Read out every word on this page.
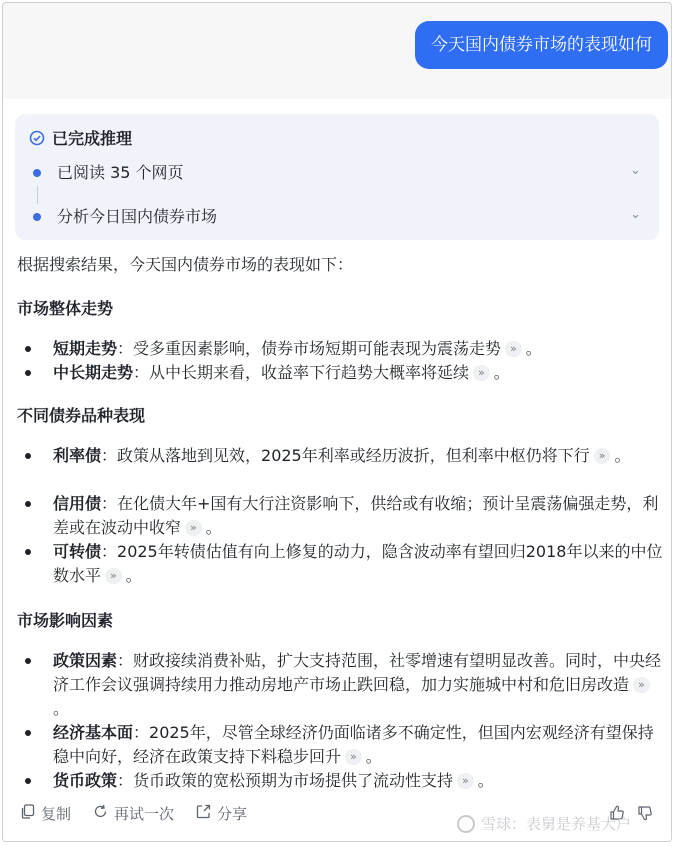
今天国内债券市场的表现如何
已完成推理
已阅读 35 个网页	⌄
分析今日国内债券市场	⌄
根据搜索结果，今天国内债券市场的表现如下：
市场整体走势
短期走势：受多重因素影响，债券市场短期可能表现为震荡走势 » 。
中长期走势：从中长期来看，收益率下行趋势大概率将延续 » 。
不同债券品种表现
利率债：政策从落地到见效，2025年利率或经历波折，但利率中枢仍将下行 » 。
信用债：在化债大年+国有大行注资影响下，供给或有收缩；预计呈震荡偏强走势，利差或在波动中收窄 » 。
可转债：2025年转债估值有向上修复的动力，隐含波动率有望回归2018年以来的中位数水平 » 。
市场影响因素
政策因素：财政接续消费补贴，扩大支持范围，社零增速有望明显改善。同时，中央经济工作会议强调持续用力推动房地产市场止跌回稳，加力实施城中村和危旧房改造 »。
经济基本面：2025年，尽管全球经济仍面临诸多不确定性，但国内宏观经济有望保持稳中向好，经济在政策支持下料稳步回升 » 。
货币政策：货币政策的宽松预期为市场提供了流动性支持 » 。
复制	再试一次	分享
雪球：表舅是养基大户
